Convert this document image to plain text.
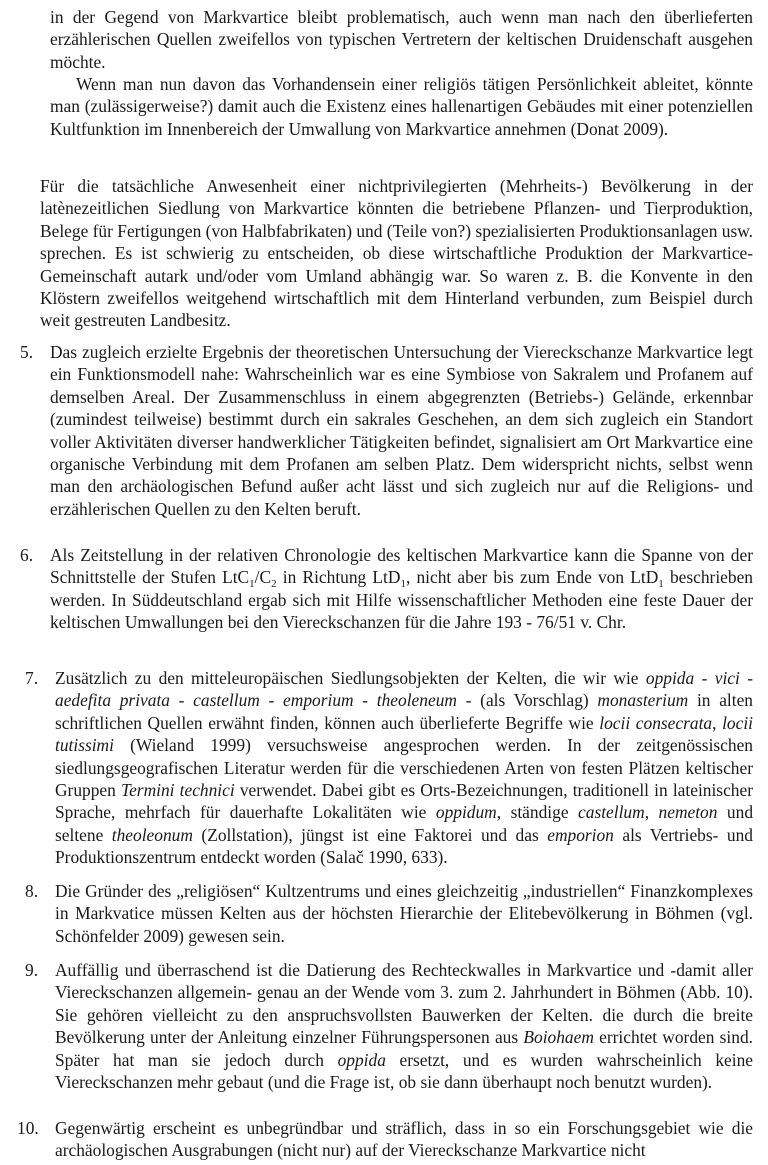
in der Gegend von Markvartice bleibt problematisch, auch wenn man nach den überlieferten erzählerischen Quellen zweifellos von typischen Vertretern der keltischen Druidenschaft ausgehen möchte.

Wenn man nun davon das Vorhandensein einer religiös tätigen Persönlichkeit ableitet, könnte man (zulässigerweise?) damit auch die Existenz eines hallenartigen Gebäudes mit einer potenziellen Kultfunktion im Innenbereich der Umwallung von Markvartice annehmen (Donat 2009).

Für die tatsächliche Anwesenheit einer nichtprivilegierten (Mehrheits-) Bevölkerung in der latènezeitlichen Siedlung von Markvartice könnten die betriebene Pflanzen- und Tierproduktion, Belege für Fertigungen (von Halbfabrikaten) und (Teile von?) spezialisierten Produktionsanlagen usw. sprechen. Es ist schwierig zu entscheiden, ob diese wirtschaftliche Produktion der Markvartice-Gemeinschaft autark und/oder vom Umland abhängig war. So waren z. B. die Konvente in den Klöstern zweifellos weitgehend wirtschaftlich mit dem Hinterland verbunden, zum Beispiel durch weit gestreuten Landbesitz.

5. Das zugleich erzielte Ergebnis der theoretischen Untersuchung der Viereckschanze Markvartice legt ein Funktionsmodell nahe: Wahrscheinlich war es eine Symbiose von Sakralem und Profanem auf demselben Areal. Der Zusammenschluss in einem abgegrenzten (Betriebs-) Gelände, erkennbar (zumindest teilweise) bestimmt durch ein sakrales Geschehen, an dem sich zugleich ein Standort voller Aktivitäten diverser handwerklicher Tätigkeiten befindet, signalisiert am Ort Markvartice eine organische Verbindung mit dem Profanen am selben Platz. Dem widerspricht nichts, selbst wenn man den archäologischen Befund außer acht lässt und sich zugleich nur auf die Religions- und erzählerischen Quellen zu den Kelten beruft.

6. Als Zeitstellung in der relativen Chronologie des keltischen Markvartice kann die Spanne von der Schnittstelle der Stufen $LtC_1/C_2$ in Richtung LtD$_1$, nicht aber bis zum Ende von LtD$_1$ beschrieben werden. In Süddeutschland ergab sich mit Hilfe wissenschaftlicher Methoden eine feste Dauer der keltischen Umwallungen bei den Viereckschanzen für die Jahre 193 - 76/51 v. Chr.

7. Zusätzlich zu den mitteleuropäischen Siedlungsobjekten der Kelten, die wir wie oppida - vici - aedefita privata - castellum - emporium - theoleneum - (als Vorschlag) monasterium in alten schriftlichen Quellen erwähnt finden, können auch überlieferte Begriffe wie locii consecrata, locii tutissimi (Wieland 1999) versuchsweise angesprochen werden. In der zeitgenössischen siedlungsgeografischen Literatur werden für die verschiedenen Arten von festen Plätzen keltischer Gruppen Termini technici verwendet. Dabei gibt es Orts-Bezeichnungen, traditionell in lateinischer Sprache, mehrfach für dauerhafte Lokalitäten wie oppidum, ständige castellum, nemeton und seltene theoleonum (Zollstation), jüngst ist eine Faktorei und das emporion als Vertriebs- und Produktionszentrum entdeckt worden (Salač 1990, 633).

8. Die Gründer des „religiösen“ Kultzentrums und eines gleichzeitig „industriellen“ Finanzkomplexes in Markvatice müssen Kelten aus der höchsten Hierarchie der Elitebevölkerung in Böhmen (vgl. Schönfelder 2009) gewesen sein.

9. Auffällig und überraschend ist die Datierung des Rechteckwalles in Markvartice und -damit aller Viereckschanzen allgemein- genau an der Wende vom 3. zum 2. Jahrhundert in Böhmen (Abb. 10). Sie gehören vielleicht zu den anspruchsvollsten Bauwerken der Kelten. die durch die breite Bevölkerung unter der Anleitung einzelner Führungspersonen aus Boiohaem errichtet worden sind. Später hat man sie jedoch durch oppida ersetzt, und es wurden wahrscheinlich keine Viereckschanzen mehr gebaut (und die Frage ist, ob sie dann überhaupt noch benutzt wurden).

10. Gegenwärtig erscheint es unbegründbar und sträflich, dass in so ein Forschungsgebiet wie die archäologischen Ausgrabungen (nicht nur) auf der Viereckschanze Markvartice nicht
